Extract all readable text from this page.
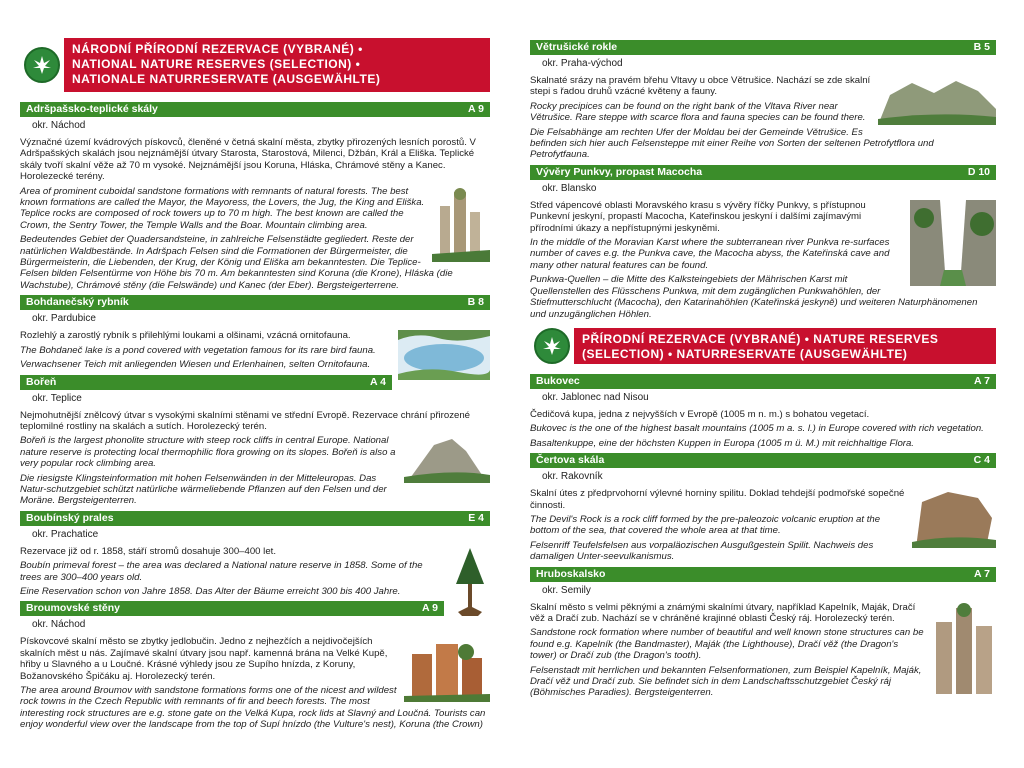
NÁRODNÍ PŘÍRODNÍ REZERVACE (VYBRANÉ) •
NATIONAL NATURE RESERVES (SELECTION) •
NATIONALE NATURRESERVATE (AUSGEWÄHLTE)
Adršpašsko-teplické skály	A 9
okr. Náchod

Význačné území kvádrových pískovců, členěné v četná skalní města, zbytky přirozených lesních porostů. V Adršpašských skalách jsou nejznámější útvary Starosta, Starostová, Milenci, Džbán, Král a Eliška. Teplické skály tvoří skalní věže až 70 m vysoké. Nejznámější jsou Koruna, Hláska, Chrámové stěny a Kanec. Horolezecké terény.

Area of prominent cuboidal sandstone formations with remnants of natural forests. The best known formations are called the Mayor, the Mayoress, the Lovers, the Jug, the King and Eliška. Teplice rocks are composed of rock towers up to 70 m high. The best known are called the Crown, the Sentry Tower, the Temple Walls and the Boar. Mountain climbing area.

Bedeutendes Gebiet der Quadersandsteine, in zahlreiche Felsenstädte gegliedert. Reste der natürlichen Waldbestände. In Adršpach Felsen sind die Formationen der Bürgermeister, die Bürgermeisterin, die Liebenden, der Krug, der König und Eliška am bekanntesten. Die Teplice-Felsen bilden Felsentürme von Höhe bis 70 m. Am bekanntesten sind Koruna (die Krone), Hláska (die Wachstube), Chrámové stěny (die Felswände) und Kanec (der Eber). Bergsteigerterrene.

Bohdanečský rybník	B 8
okr. Pardubice

Rozlehlý a zarostlý rybník s přilehlými loukami a olšinami, vzácná ornitofauna.

The Bohdaneč lake is a pond covered with vegetation famous for its rare bird fauna.

Verwachsener Teich mit anliegenden Wiesen und Erlenhainen, selten Ornitofauna.

Bořeň	A 4
okr. Teplice

Nejmohutnější znělcový útvar s vysokými skalními stěnami ve střední Evropě. Rezervace chrání přirozené teplomilné rostliny na skalách a sutích. Horolezecký terén.

Bořeň is the largest phonolite structure with steep rock cliffs in central Europe. National nature reserve is protecting local thermophilic flora growing on its slopes. Bořeň is also a very popular rock climbing area.

Die riesigste Klingsteinformation mit hohen Felsenwänden in der Mitteleuropas. Das Natur-schutzgebiet schützt natürliche wärmeliebende Pflanzen auf den Felsen und der Moräne. Bergsteigenterren.

Boubínský prales	E 4
okr. Prachatice

Rezervace již od r. 1858, stáří stromů dosahuje 300–400 let.

Boubín primeval forest – the area was declared a National nature reserve in 1858. Some of the trees are 300–400 years old.

Eine Reservation schon von Jahre 1858. Das Alter der Bäume erreicht 300 bis 400 Jahre.

Broumovské stěny	A 9
okr. Náchod

Pískovcové skalní město se zbytky jedlobučin. Jedno z nejhezčích a nejdivočejších skalních měst u nás. Zajímavé skalní útvary jsou např. kamenná brána na Velké Kupě, hřiby u Slavného a u Loučné. Krásné výhledy jsou ze Supího hnízda, z Koruny, Božanovského Špičáku aj. Horolezecký terén.

The area around Broumov with sandstone formations forms one of the nicest and wildest rock towns in the Czech Republic with remnants of fir and beech forests. The most interesting rock structures are e.g. stone gate on the Velká Kupa, rock lids at Slavný and Loučná. Tourists can enjoy wonderful view over the landscape from the top of Supí hnízdo (the Vulture's nest), Koruna (the Crown)

Větrušické rokle	B 5
okr. Praha-východ

Skalnaté srázy na pravém břehu Vltavy u obce Větrušice. Nachází se zde skalní stepi s řadou druhů vzácné květeny a fauny.

Rocky precipices can be found on the right bank of the Vltava River near Větrušice. Rare steppe with scarce flora and fauna species can be found there.

Die Felsabhänge am rechten Ufer der Moldau bei der Gemeinde Větrušice. Es befinden sich hier auch Felsensteppe mit einer Reihe von Sorten der seltenen Petrofytflora und Petrofytfauna.

Vývěry Punkvy, propast Macocha	D 10
okr. Blansko

Střed vápencové oblasti Moravského krasu s vývěry říčky Punkvy, s přístupnou Punkevní jeskyní, propastí Macocha, Kateřinskou jeskyní i dalšími zajímavými přírodními úkazy a nepřístupnými jeskyněmi.

In the middle of the Moravian Karst where the subterranean river Punkva re-surfaces number of caves e.g. the Punkva cave, the Macocha abyss, the Kateřinská cave and many other natural features can be found.

Punkwa-Quellen – die Mitte des Kalksteingebiets der Mährischen Karst mit Quellenstellen des Flüsschens Punkwa, mit dem zugänglichen Punkwahöhlen, der Stiefmutterschlucht (Macocha), den Katarinahöhlen (Kateřinská jeskyně) und weiteren Naturphänomenen und unzugänglichen Höhlen.

PŘÍRODNÍ REZERVACE (VYBRANÉ) • NATURE RESERVES
(SELECTION) • NATURRESERVATE (AUSGEWÄHLTE)
Bukovec	A 7
okr. Jablonec nad Nisou

Čedičová kupa, jedna z nejvyšších v Evropě (1005 m n. m.) s bohatou vegetací.

Bukovec is the one of the highest basalt mountains (1005 m a. s. l.) in Europe covered with rich vegetation.

Basaltenkuppe, eine der höchsten Kuppen in Europa (1005 m ü. M.) mit reichhaltige Flora.

Čertova skála	C 4
okr. Rakovník

Skalní útes z předprvohorní výlevné horniny spilitu. Doklad tehdejší podmořské sopečné činnosti.

The Devil's Rock is a rock cliff formed by the pre-paleozoic volcanic eruption at the bottom of the sea, that covered the whole area at that time.

Felsenriff Teufelsfelsen aus vorpaläozischen Ausgußgestein Spilit. Nachweis des damaligen Unter-seevulkanismus.

Hruboskalsko	A 7
okr. Semily

Skalní město s velmi pěknými a známými skalními útvary, například Kapelník, Maják, Dračí věž a Dračí zub. Nachází se v chráněné krajinné oblasti Český ráj. Horolezecký terén.

Sandstone rock formation where number of beautiful and well known stone structures can be found e.g. Kapelník (the Bandmaster), Maják (the Lighthouse), Dračí věž (the Dragon's tower) or Dračí zub (the Dragon's tooth).

Felsenstadt mit herrlichen und bekannten Felsenformationen, zum Beispiel Kapelník, Maják, Dračí věž und Dračí zub. Sie befindet sich in dem Landschaftsschutzgebiet Český ráj (Böhmisches Paradies). Bergsteigenterren.
